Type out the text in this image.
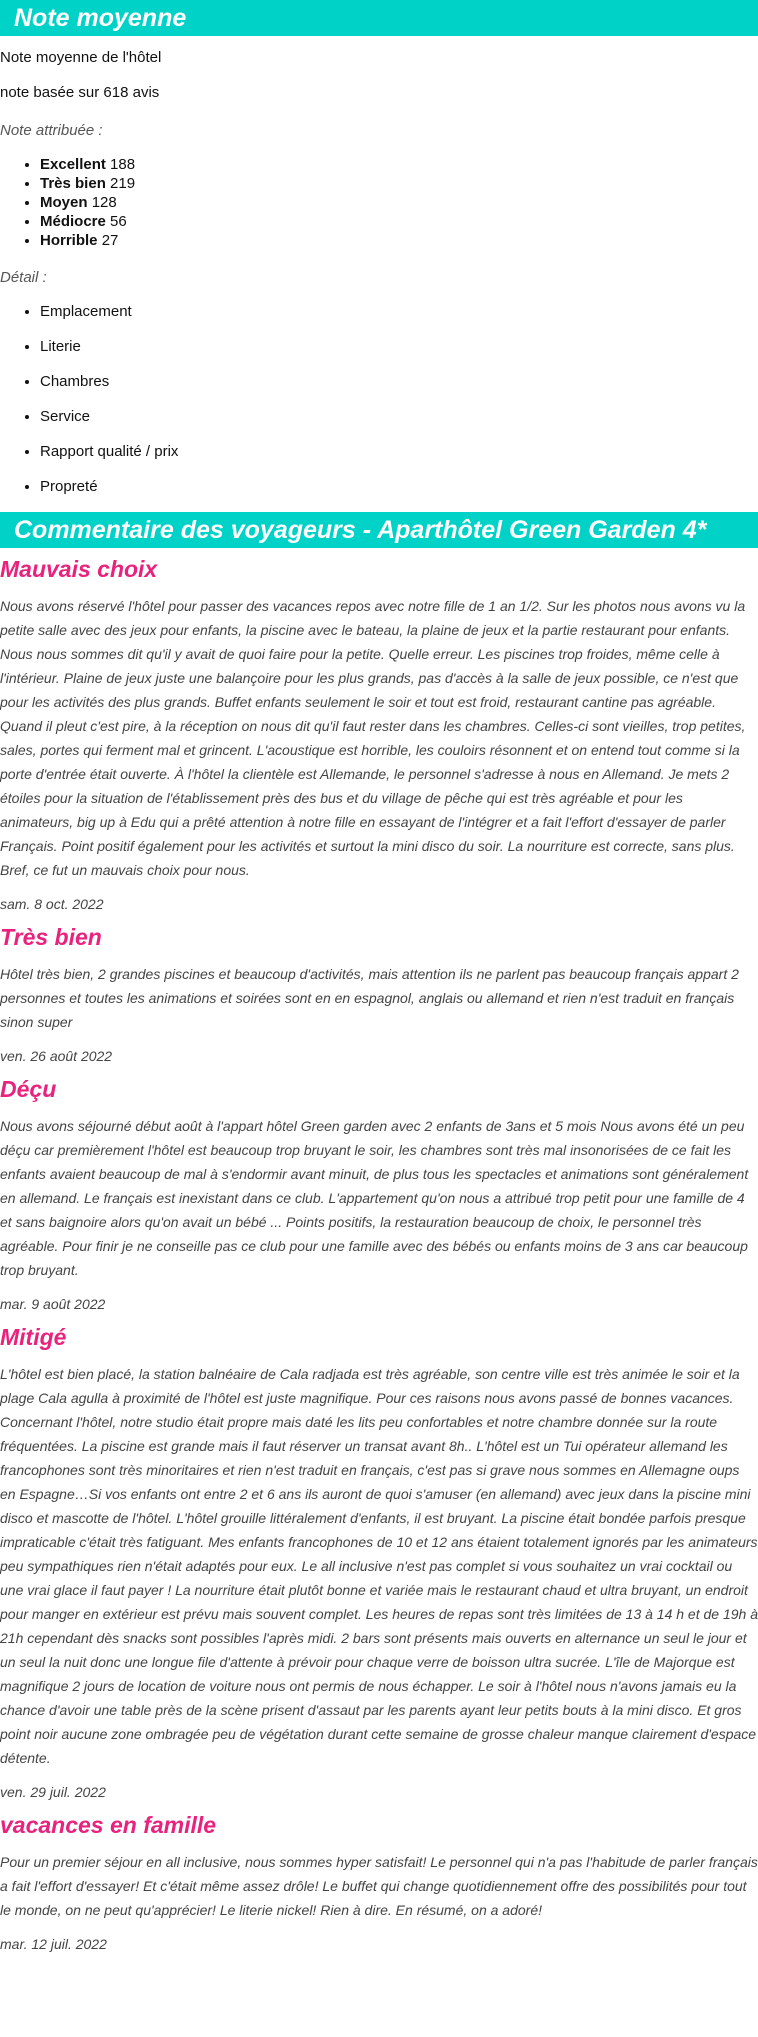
Note moyenne

Note moyenne de l'hôtel

note basée sur 618 avis

Note attribuée :

• Excellent 188
• Très bien 219
• Moyen 128
• Médiocre 56
• Horrible 27

Détail :

• Emplacement
• Literie
• Chambres
• Service
• Rapport qualité / prix
• Propreté
Commentaire des voyageurs - Aparthôtel Green Garden 4*
Mauvais choix

Nous avons réservé l'hôtel pour passer des vacances repos avec notre fille de 1 an 1/2. Sur les photos nous avons vu la petite salle avec des jeux pour enfants, la piscine avec le bateau, la plaine de jeux et la partie restaurant pour enfants. Nous nous sommes dit qu'il y avait de quoi faire pour la petite. Quelle erreur. Les piscines trop froides, même celle à l'intérieur. Plaine de jeux juste une balançoire pour les plus grands, pas d'accès à la salle de jeux possible, ce n'est que pour les activités des plus grands. Buffet enfants seulement le soir et tout est froid, restaurant cantine pas agréable. Quand il pleut c'est pire, à la réception on nous dit qu'il faut rester dans les chambres. Celles-ci sont vieilles, trop petites, sales, portes qui ferment mal et grincent. L'acoustique est horrible, les couloirs résonnent et on entend tout comme si la porte d'entrée était ouverte. À l'hôtel la clientèle est Allemande, le personnel s'adresse à nous en Allemand. Je mets 2 étoiles pour la situation de l'établissement près des bus et du village de pêche qui est très agréable et pour les animateurs, big up à Edu qui a prêté attention à notre fille en essayant de l'intégrer et a fait l'effort d'essayer de parler Français. Point positif également pour les activités et surtout la mini disco du soir. La nourriture est correcte, sans plus. Bref, ce fut un mauvais choix pour nous.

sam. 8 oct. 2022

Très bien

Hôtel très bien, 2 grandes piscines et beaucoup d'activités, mais attention ils ne parlent pas beaucoup français appart 2 personnes et toutes les animations et soirées sont en en espagnol, anglais ou allemand et rien n'est traduit en français sinon super

ven. 26 août 2022

Déçu

Nous avons séjourné début août à l'appart hôtel Green garden avec 2 enfants de 3ans et 5 mois Nous avons été un peu déçu car premièrement l'hôtel est beaucoup trop bruyant le soir, les chambres sont très mal insonorisées de ce fait les enfants avaient beaucoup de mal à s'endormir avant minuit, de plus tous les spectacles et animations sont généralement en allemand. Le français est inexistant dans ce club. L'appartement qu'on nous a attribué trop petit pour une famille de 4 et sans baignoire alors qu'on avait un bébé ... Points positifs, la restauration beaucoup de choix, le personnel très agréable. Pour finir je ne conseille pas ce club pour une famille avec des bébés ou enfants moins de 3 ans car beaucoup trop bruyant.

mar. 9 août 2022

Mitigé

L'hôtel est bien placé, la station balnéaire de Cala radjada est très agréable, son centre ville est très animée le soir et la plage Cala agulla à proximité de l'hôtel est juste magnifique. Pour ces raisons nous avons passé de bonnes vacances. Concernant l'hôtel, notre studio était propre mais daté les lits peu confortables et notre chambre donnée sur la route fréquentées. La piscine est grande mais il faut réserver un transat avant 8h.. L'hôtel est un Tui opérateur allemand les francophones sont très minoritaires et rien n'est traduit en français, c'est pas si grave nous sommes en Allemagne oups en Espagne…Si vos enfants ont entre 2 et 6 ans ils auront de quoi s'amuser (en allemand) avec jeux dans la piscine mini disco et mascotte de l'hôtel. L'hôtel grouille littéralement d'enfants, il est bruyant. La piscine était bondée parfois presque impraticable c'était très fatiguant. Mes enfants francophones de 10 et 12 ans étaient totalement ignorés par les animateurs peu sympathiques rien n'était adaptés pour eux. Le all inclusive n'est pas complet si vous souhaitez un vrai cocktail ou une vrai glace il faut payer ! La nourriture était plutôt bonne et variée mais le restaurant chaud et ultra bruyant, un endroit pour manger en extérieur est prévu mais souvent complet. Les heures de repas sont très limitées de 13 à 14 h et de 19h à 21h cependant dès snacks sont possibles l'après midi. 2 bars sont présents mais ouverts en alternance un seul le jour et un seul la nuit donc une longue file d'attente à prévoir pour chaque verre de boisson ultra sucrée. L'île de Majorque est magnifique 2 jours de location de voiture nous ont permis de nous échapper. Le soir à l'hôtel nous n'avons jamais eu la chance d'avoir une table près de la scène prisent d'assaut par les parents ayant leur petits bouts à la mini disco. Et gros point noir aucune zone ombragée peu de végétation durant cette semaine de grosse chaleur manque clairement d'espace détente.

ven. 29 juil. 2022

vacances en famille

Pour un premier séjour en all inclusive, nous sommes hyper satisfait! Le personnel qui n'a pas l'habitude de parler français a fait l'effort d'essayer! Et c'était même assez drôle! Le buffet qui change quotidiennement offre des possibilités pour tout le monde, on ne peut qu'apprécier! Le literie nickel! Rien à dire. En résumé, on a adoré!

mar. 12 juil. 2022
